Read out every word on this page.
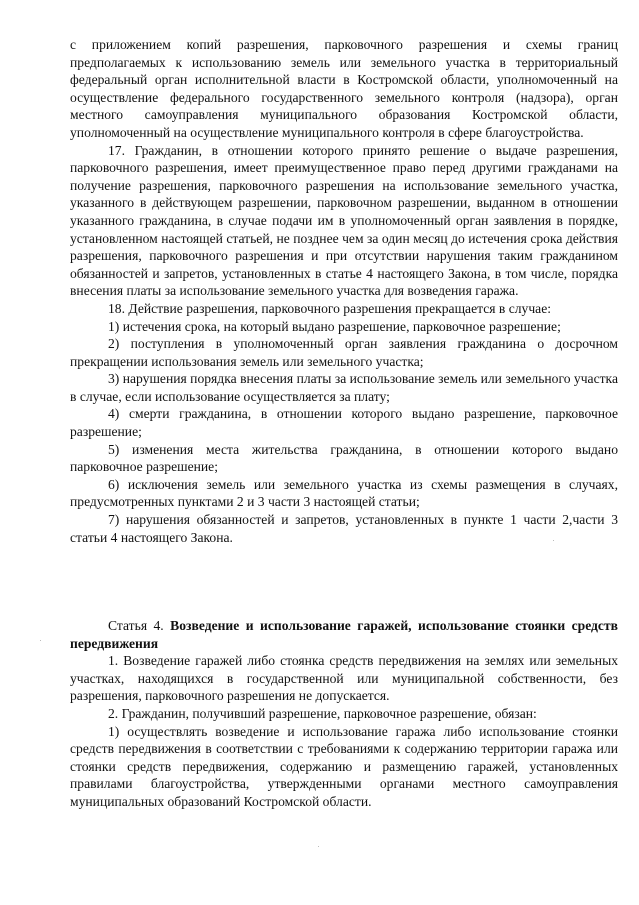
с приложением копий разрешения, парковочного разрешения и схемы границ предполагаемых к использованию земель или земельного участка в территориальный федеральный орган исполнительной власти в Костромской области, уполномоченный на осуществление федерального государственного земельного контроля (надзора), орган местного самоуправления муниципального образования Костромской области, уполномоченный на осуществление муниципального контроля в сфере благоустройства.

17. Гражданин, в отношении которого принято решение о выдаче разрешения, парковочного разрешения, имеет преимущественное право перед другими гражданами на получение разрешения, парковочного разрешения на использование земельного участка, указанного в действующем разрешении, парковочном разрешении, выданном в отношении указанного гражданина, в случае подачи им в уполномоченный орган заявления в порядке, установленном настоящей статьей, не позднее чем за один месяц до истечения срока действия разрешения, парковочного разрешения и при отсутствии нарушения таким гражданином обязанностей и запретов, установленных в статье 4 настоящего Закона, в том числе, порядка внесения платы за использование земельного участка для возведения гаража.

18. Действие разрешения, парковочного разрешения прекращается в случае:

1) истечения срока, на который выдано разрешение, парковочное разрешение;

2) поступления в уполномоченный орган заявления гражданина о досрочном прекращении использования земель или земельного участка;

3) нарушения порядка внесения платы за использование земель или земельного участка в случае, если использование осуществляется за плату;

4) смерти гражданина, в отношении которого выдано разрешение, парковочное разрешение;

5) изменения места жительства гражданина, в отношении которого выдано парковочное разрешение;

6) исключения земель или земельного участка из схемы размещения в случаях, предусмотренных пунктами 2 и 3 части 3 настоящей статьи;

7) нарушения обязанностей и запретов, установленных в пункте 1 части 2,части 3 статьи 4 настоящего Закона.

Статья 4. Возведение и использование гаражей, использование стоянки средств передвижения

1. Возведение гаражей либо стоянка средств передвижения на землях или земельных участках, находящихся в государственной или муниципальной собственности, без разрешения, парковочного разрешения не допускается.

2. Гражданин, получивший разрешение, парковочное разрешение, обязан:

1) осуществлять возведение и использование гаража либо использование стоянки средств передвижения в соответствии с требованиями к содержанию территории гаража или стоянки средств передвижения, содержанию и размещению гаражей, установленных правилами благоустройства, утвержденными органами местного самоуправления муниципальных образований Костромской области.
